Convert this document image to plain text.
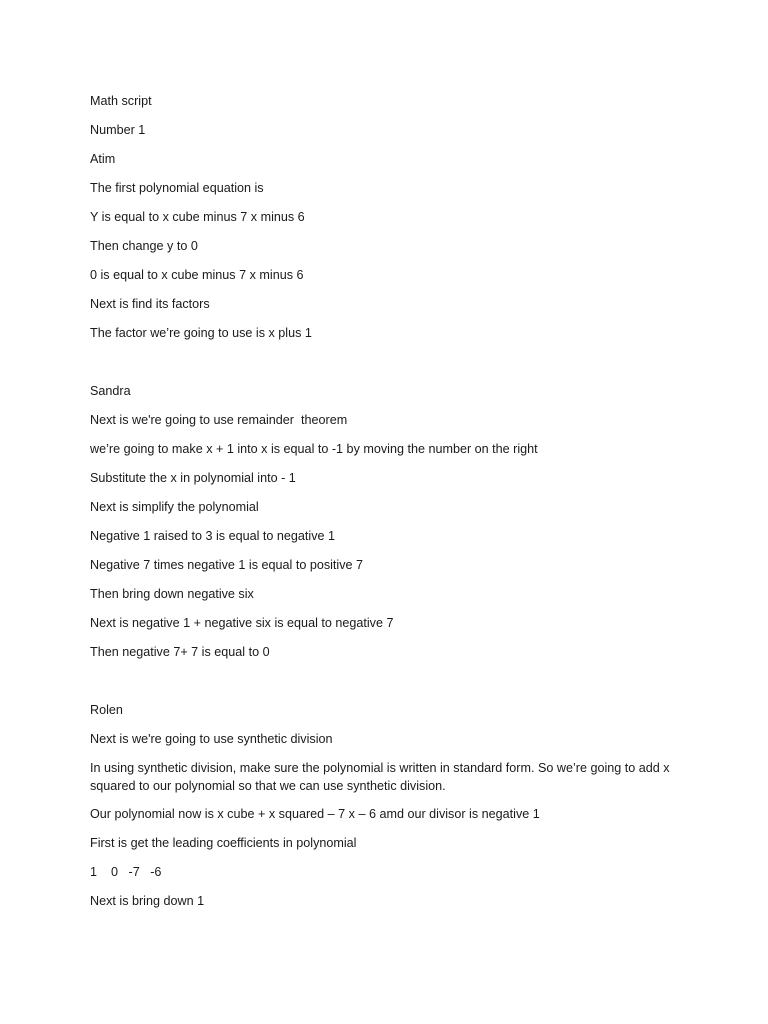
Math script
Number 1
Atim
The first polynomial equation is
Y is equal to x cube minus 7 x minus 6
Then change y to 0
0 is equal to x cube minus 7 x minus 6
Next is find its factors
The factor we’re going to use is x plus 1
Sandra
Next is we're going to use remainder  theorem
we’re going to make x + 1 into x is equal to -1 by moving the number on the right
Substitute the x in polynomial into - 1
Next is simplify the polynomial
Negative 1 raised to 3 is equal to negative 1
Negative 7 times negative 1 is equal to positive 7
Then bring down negative six
Next is negative 1 + negative six is equal to negative 7
Then negative 7+ 7 is equal to 0
Rolen
Next is we're going to use synthetic division
In using synthetic division, make sure the polynomial is written in standard form. So we’re going to add x squared to our polynomial so that we can use synthetic division.
Our polynomial now is x cube + x squared – 7 x – 6 amd our divisor is negative 1
First is get the leading coefficients in polynomial
1    0   -7   -6
Next is bring down 1
